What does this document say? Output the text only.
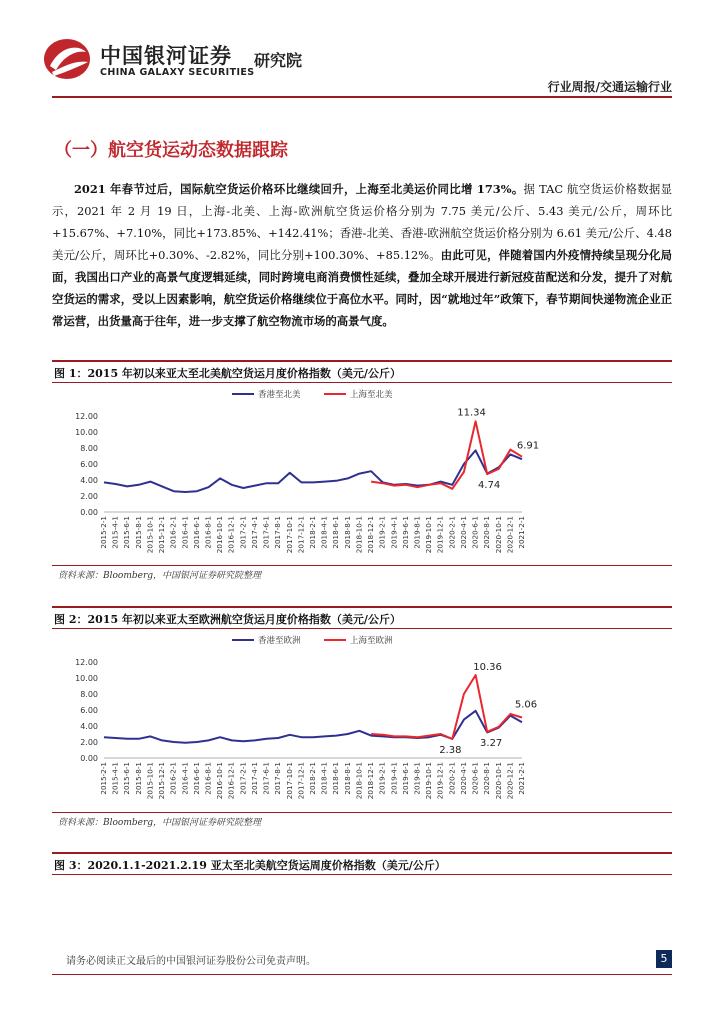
中国银河证券
CHINA GALAXY SECURITIES
研究院
行业周报/交通运输行业
（一）航空货运动态数据跟踪
2021 年春节过后，国际航空货运价格环比继续回升，上海至北美运价同比增 173%。据 TAC 航空货运价格数据显示，2021 年 2 月 19 日，上海-北美、上海-欧洲航空货运价格分别为 7.75 美元/公斤、5.43 美元/公斤，周环比+15.67%、+7.10%，同比+173.85%、+142.41%；香港-北美、香港-欧洲航空货运价格分别为 6.61 美元/公斤、4.48 美元/公斤，周环比+0.30%、-2.82%，同比分别+100.30%、+85.12%。由此可见，伴随着国内外疫情持续呈现分化局面，我国出口产业的高景气度逻辑延续，同时跨境电商消费惯性延续，叠加全球开展进行新冠疫苗配送和分发，提升了对航空货运的需求，受以上因素影响，航空货运价格继续位于高位水平。同时，因“就地过年”政策下，春节期间快递物流企业正常运营，出货量高于往年，进一步支撑了航空物流市场的高景气度。
图 1：2015 年初以来亚太至北美航空货运月度价格指数（美元/公斤）
香港至北美	上海至北美
0.00
2.00
4.00
6.00
8.00
10.00
12.00
2015-2-1 2015-4-1 2015-6-1 2015-8-1 2015-10-1 2015-12-1 2016-2-1 2016-4-1 2016-6-1 2016-8-1 2016-10-1 2016-12-1 2017-2-1 2017-4-1 2017-6-1 2017-8-1 2017-10-1 2017-12-1 2018-2-1 2018-4-1 2018-6-1 2018-8-1 2018-10-1 2018-12-1 2019-2-1 2019-4-1 2019-6-1 2019-8-1 2019-10-1 2019-12-1 2020-2-1 2020-4-1 2020-6-1 2020-8-1 2020-10-1 2020-12-1 2021-2-1
11.34
4.74
6.91
资料来源：Bloomberg，中国银河证券研究院整理
图 2：2015 年初以来亚太至欧洲航空货运月度价格指数（美元/公斤）
香港至欧洲	上海至欧洲
0.00
2.00
4.00
6.00
8.00
10.00
12.00
2015-2-1 2015-4-1 2015-6-1 2015-8-1 2015-10-1 2015-12-1 2016-2-1 2016-4-1 2016-6-1 2016-8-1 2016-10-1 2016-12-1 2017-2-1 2017-4-1 2017-6-1 2017-8-1 2017-10-1 2017-12-1 2018-2-1 2018-4-1 2018-6-1 2018-8-1 2018-10-1 2018-12-1 2019-2-1 2019-4-1 2019-6-1 2019-8-1 2019-10-1 2019-12-1 2020-2-1 2020-4-1 2020-6-1 2020-8-1 2020-10-1 2020-12-1 2021-2-1
10.36
2.38
3.27
5.06
资料来源：Bloomberg，中国银河证券研究院整理
图 3：2020.1.1-2021.2.19 亚太至北美航空货运周度价格指数（美元/公斤）
请务必阅读正文最后的中国银河证券股份公司免责声明。	5
